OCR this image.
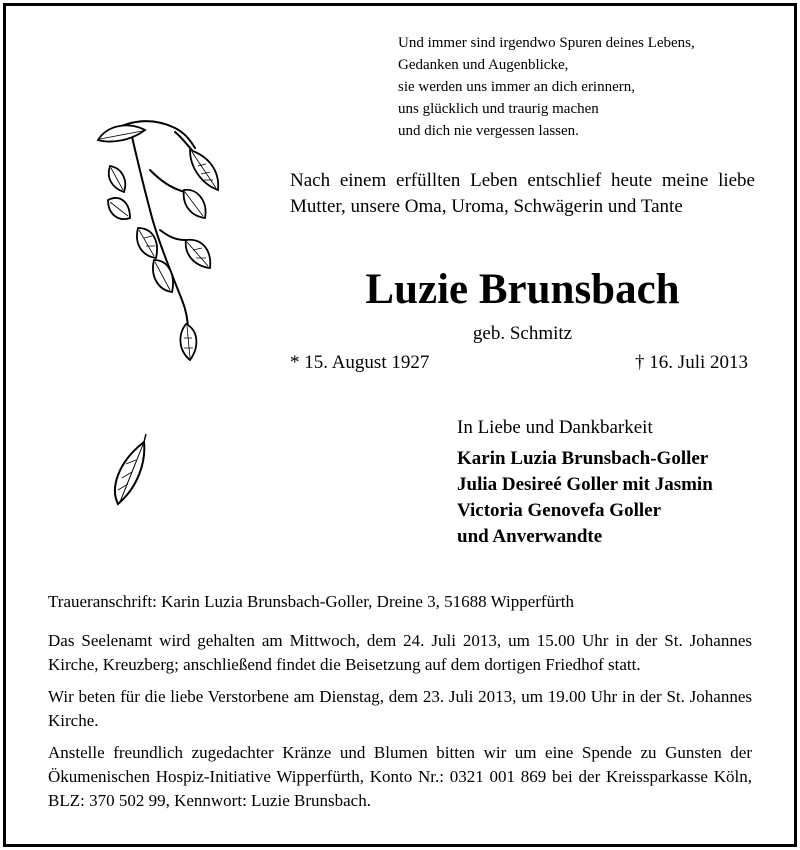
Und immer sind irgendwo Spuren deines Lebens,
Gedanken und Augenblicke,
sie werden uns immer an dich erinnern,
uns glücklich und traurig machen
und dich nie vergessen lassen.
Nach einem erfüllten Leben entschlief heute meine liebe Mutter, unsere Oma, Uroma, Schwägerin und Tante
Luzie Brunsbach
geb. Schmitz
* 15. August 1927	† 16. Juli 2013
In Liebe und Dankbarkeit
Karin Luzia Brunsbach-Goller
Julia Desireé Goller mit Jasmin
Victoria Genovefa Goller
und Anverwandte

Traueranschrift: Karin Luzia Brunsbach-Goller, Dreine 3, 51688 Wipperfürth

Das Seelenamt wird gehalten am Mittwoch, dem 24. Juli 2013, um 15.00 Uhr in der St. Johannes Kirche, Kreuzberg; anschließend findet die Beisetzung auf dem dortigen Friedhof statt.

Wir beten für die liebe Verstorbene am Dienstag, dem 23. Juli 2013, um 19.00 Uhr in der St. Johannes Kirche.

Anstelle freundlich zugedachter Kränze und Blumen bitten wir um eine Spende zu Gunsten der Ökumenischen Hospiz-Initiative Wipperfürth, Konto Nr.: 0321 001 869 bei der Kreissparkasse Köln, BLZ: 370 502 99, Kennwort: Luzie Brunsbach.
